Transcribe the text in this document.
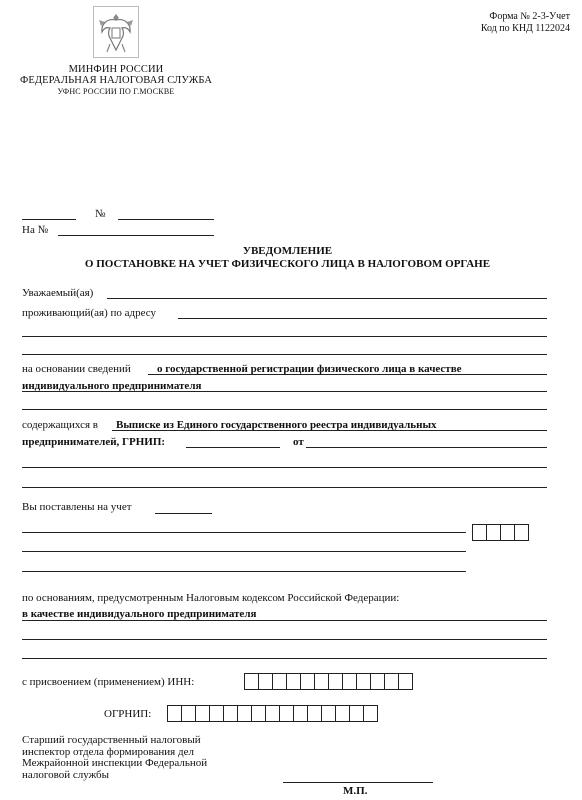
МИНФИН РОССИИ
ФЕДЕРАЛЬНАЯ НАЛОГОВАЯ СЛУЖБА
УФНС РОССИИ ПО Г.МОСКВЕ
Форма № 2-3-Учет
Код по КНД 1122024
№
На №
УВЕДОМЛЕНИЕ
О ПОСТАНОВКЕ НА УЧЕТ ФИЗИЧЕСКОГО ЛИЦА В НАЛОГОВОМ ОРГАНЕ
Уважаемый(ая)
проживающий(ая) по адресу
на основании сведений о государственной регистрации физического лица в качестве
индивидуального предпринимателя
содержащихся в Выписке из Единого государственного реестра индивидуальных
предпринимателей, ГРНИП:	от
Вы поставлены на учет
по основаниям, предусмотренным Налоговым кодексом Российской Федерации:
в качестве индивидуального предпринимателя
с присвоением (применением) ИНН:
ОГРНИП:
Старший государственный налоговый
инспектор отдела формирования дел
Межрайонной инспекции Федеральной
налоговой службы
М.П.
